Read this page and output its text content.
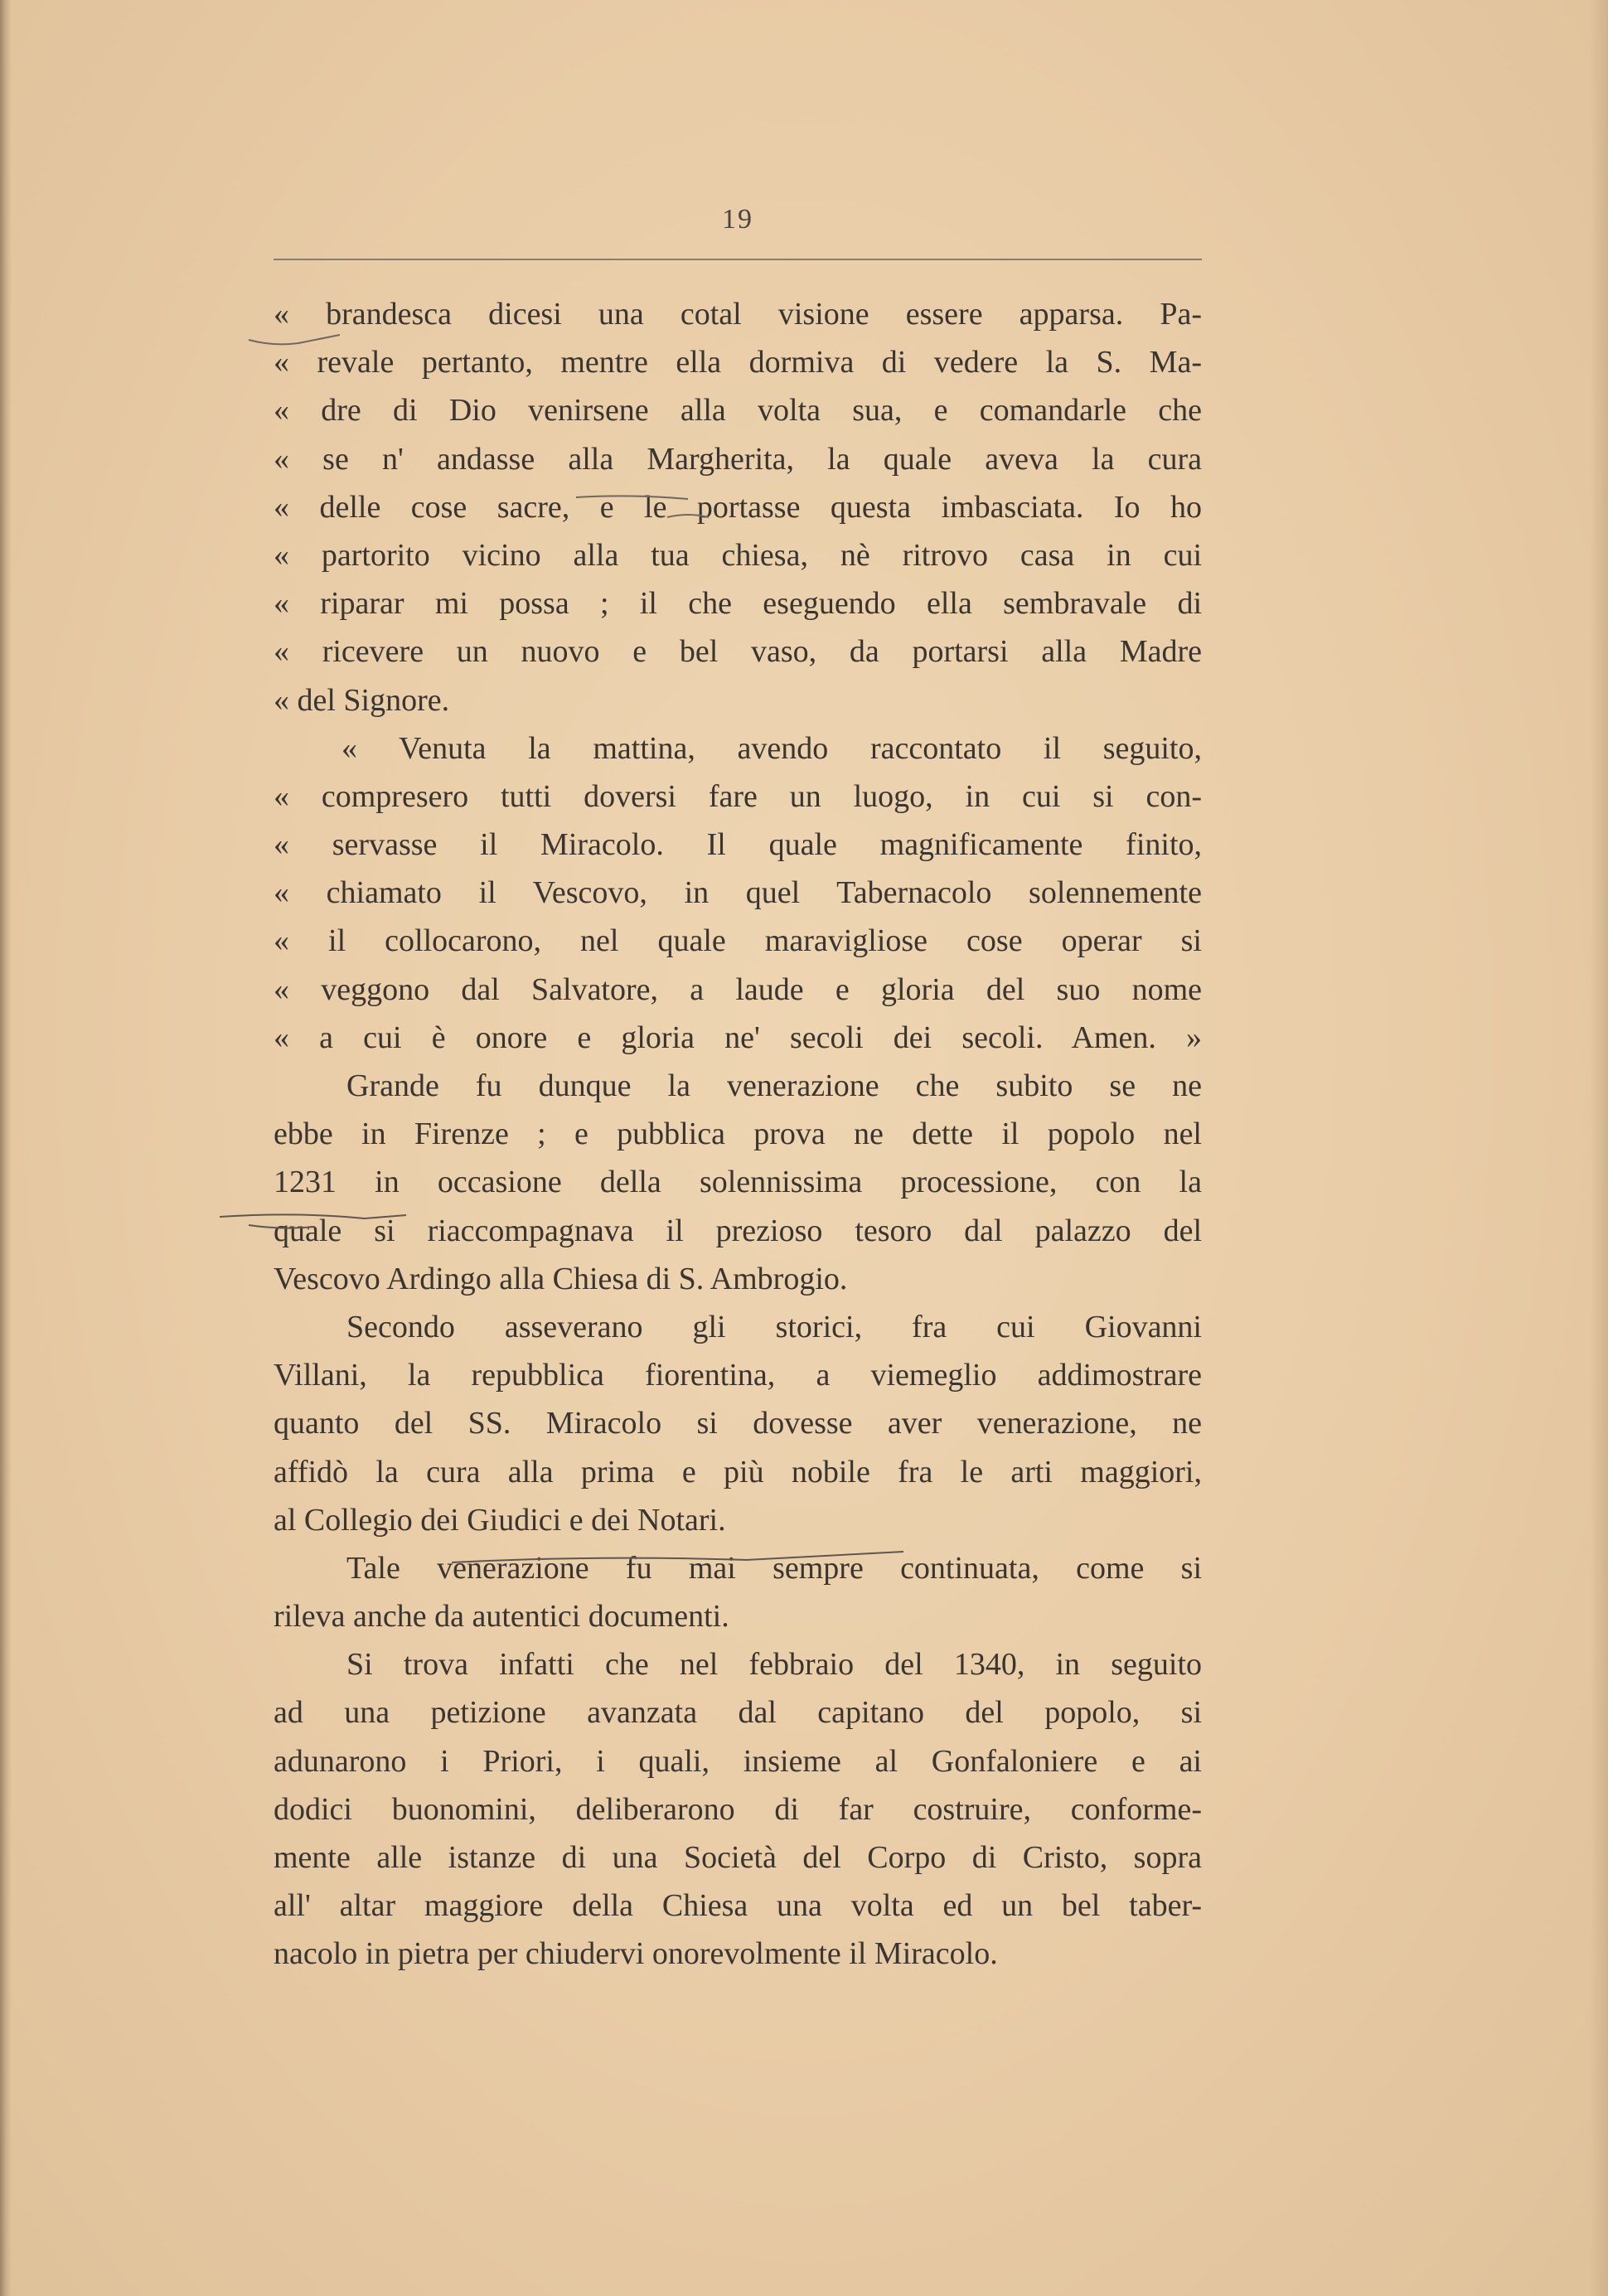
19
« brandesca dicesi una cotal visione essere apparsa. Pa-
« revale pertanto, mentre ella dormiva di vedere la S. Ma-
« dre di Dio venirsene alla volta sua, e comandarle che
« se n' andasse alla Margherita, la quale aveva la cura
« delle cose sacre, e le portasse questa imbasciata. Io ho
« partorito vicino alla tua chiesa, nè ritrovo casa in cui
« riparar mi possa ; il che eseguendo ella sembravale di
« ricevere un nuovo e bel vaso, da portarsi alla Madre
« del Signore.
« Venuta la mattina, avendo raccontato il seguito,
« compresero tutti doversi fare un luogo, in cui si con-
« servasse il Miracolo. Il quale magnificamente finito,
« chiamato il Vescovo, in quel Tabernacolo solennemente
« il collocarono, nel quale maravigliose cose operar si
« veggono dal Salvatore, a laude e gloria del suo nome
« a cui è onore e gloria ne' secoli dei secoli. Amen. »
Grande fu dunque la venerazione che subito se ne
ebbe in Firenze ; e pubblica prova ne dette il popolo nel
1231 in occasione della solennissima processione, con la
quale si riaccompagnava il prezioso tesoro dal palazzo del
Vescovo Ardingo alla Chiesa di S. Ambrogio.
Secondo asseverano gli storici, fra cui Giovanni
Villani, la repubblica fiorentina, a viemeglio addimostrare
quanto del SS. Miracolo si dovesse aver venerazione, ne
affidò la cura alla prima e più nobile fra le arti maggiori,
al Collegio dei Giudici e dei Notari.
Tale venerazione fu mai sempre continuata, come si
rileva anche da autentici documenti.
Si trova infatti che nel febbraio del 1340, in seguito
ad una petizione avanzata dal capitano del popolo, si
adunarono i Priori, i quali, insieme al Gonfaloniere e ai
dodici buonomini, deliberarono di far costruire, conforme-
mente alle istanze di una Società del Corpo di Cristo, sopra
all' altar maggiore della Chiesa una volta ed un bel taber-
nacolo in pietra per chiudervi onorevolmente il Miracolo.
